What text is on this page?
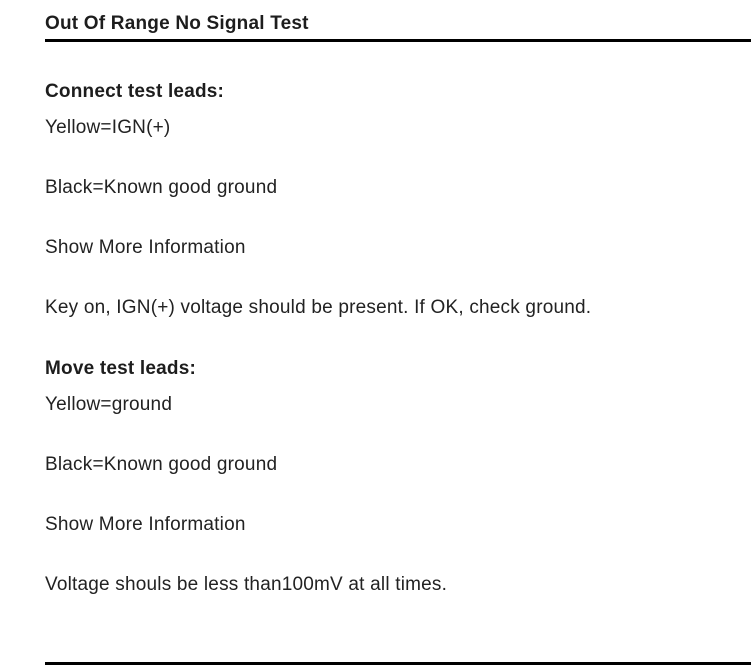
Out Of Range No Signal Test

Connect test leads:

Yellow=IGN(+)

Black=Known good ground

Show More Information

Key on, IGN(+) voltage should be present. If OK, check ground.

Move test leads:

Yellow=ground

Black=Known good ground

Show More Information

Voltage shouls be less than100mV at all times.
